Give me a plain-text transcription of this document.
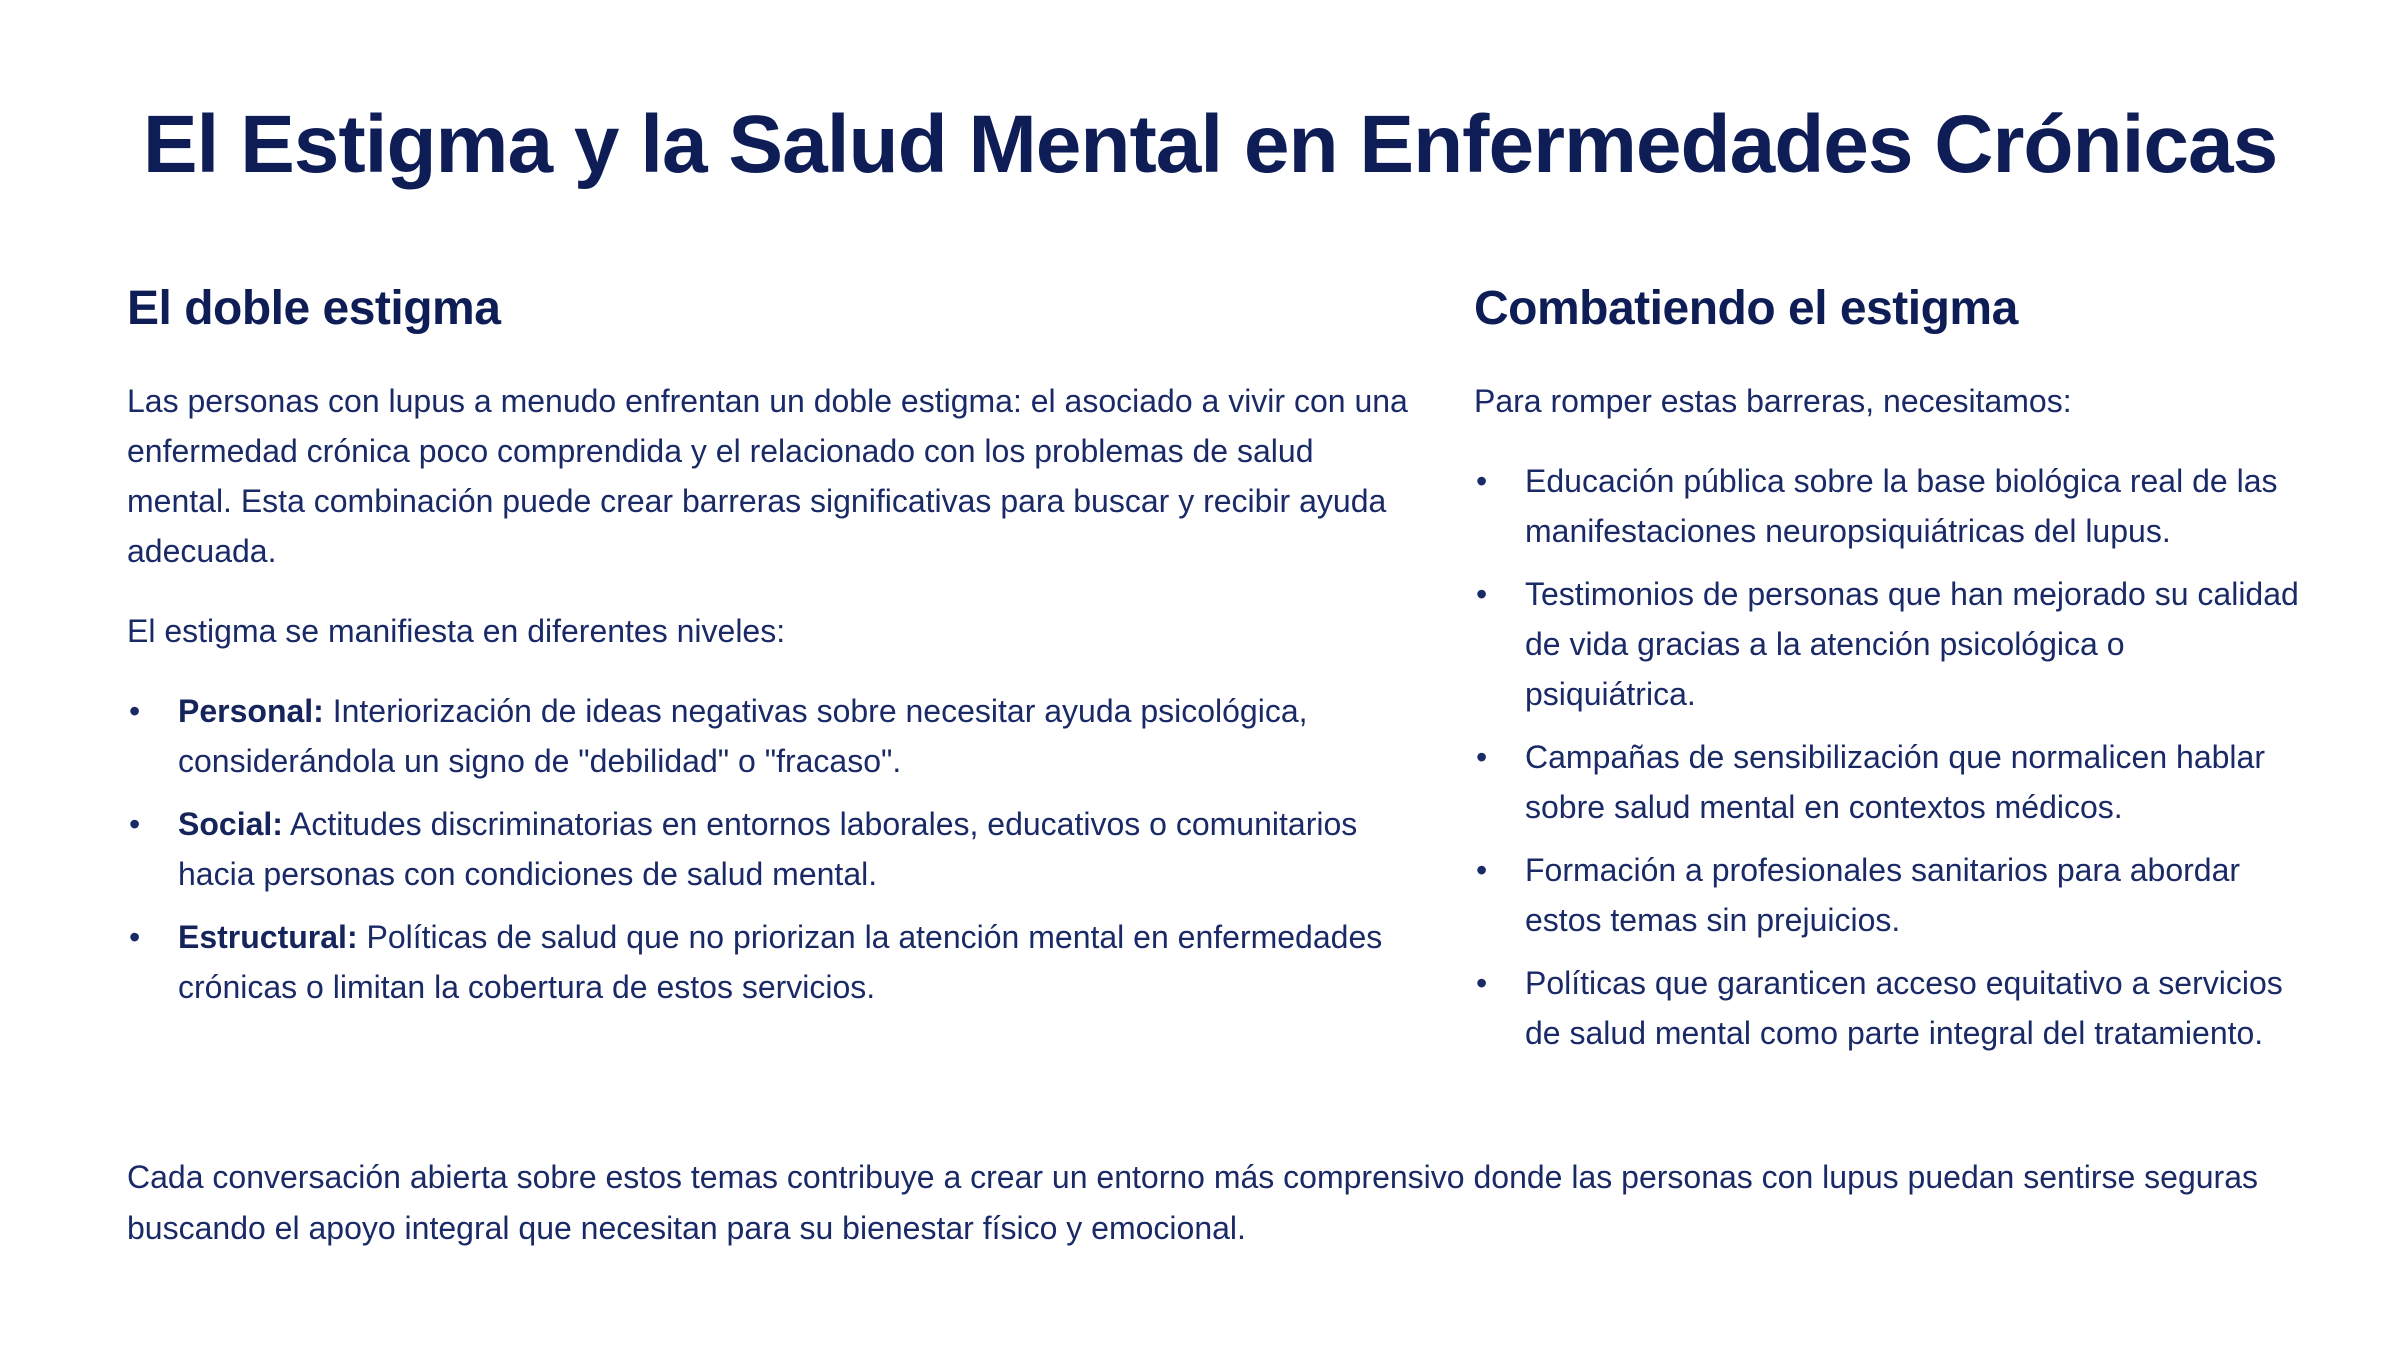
El Estigma y la Salud Mental en Enfermedades Crónicas
El doble estigma

Las personas con lupus a menudo enfrentan un doble estigma: el asociado a vivir con una enfermedad crónica poco comprendida y el relacionado con los problemas de salud mental. Esta combinación puede crear barreras significativas para buscar y recibir ayuda adecuada.

El estigma se manifiesta en diferentes niveles:

• Personal: Interiorización de ideas negativas sobre necesitar ayuda psicológica, considerándola un signo de "debilidad" o "fracaso".
• Social: Actitudes discriminatorias en entornos laborales, educativos o comunitarios hacia personas con condiciones de salud mental.
• Estructural: Políticas de salud que no priorizan la atención mental en enfermedades crónicas o limitan la cobertura de estos servicios.
Combatiendo el estigma

Para romper estas barreras, necesitamos:

• Educación pública sobre la base biológica real de las manifestaciones neuropsiquiátricas del lupus.
• Testimonios de personas que han mejorado su calidad de vida gracias a la atención psicológica o psiquiátrica.
• Campañas de sensibilización que normalicen hablar sobre salud mental en contextos médicos.
• Formación a profesionales sanitarios para abordar estos temas sin prejuicios.
• Políticas que garanticen acceso equitativo a servicios de salud mental como parte integral del tratamiento.

Cada conversación abierta sobre estos temas contribuye a crear un entorno más comprensivo donde las personas con lupus puedan sentirse seguras buscando el apoyo integral que necesitan para su bienestar físico y emocional.
